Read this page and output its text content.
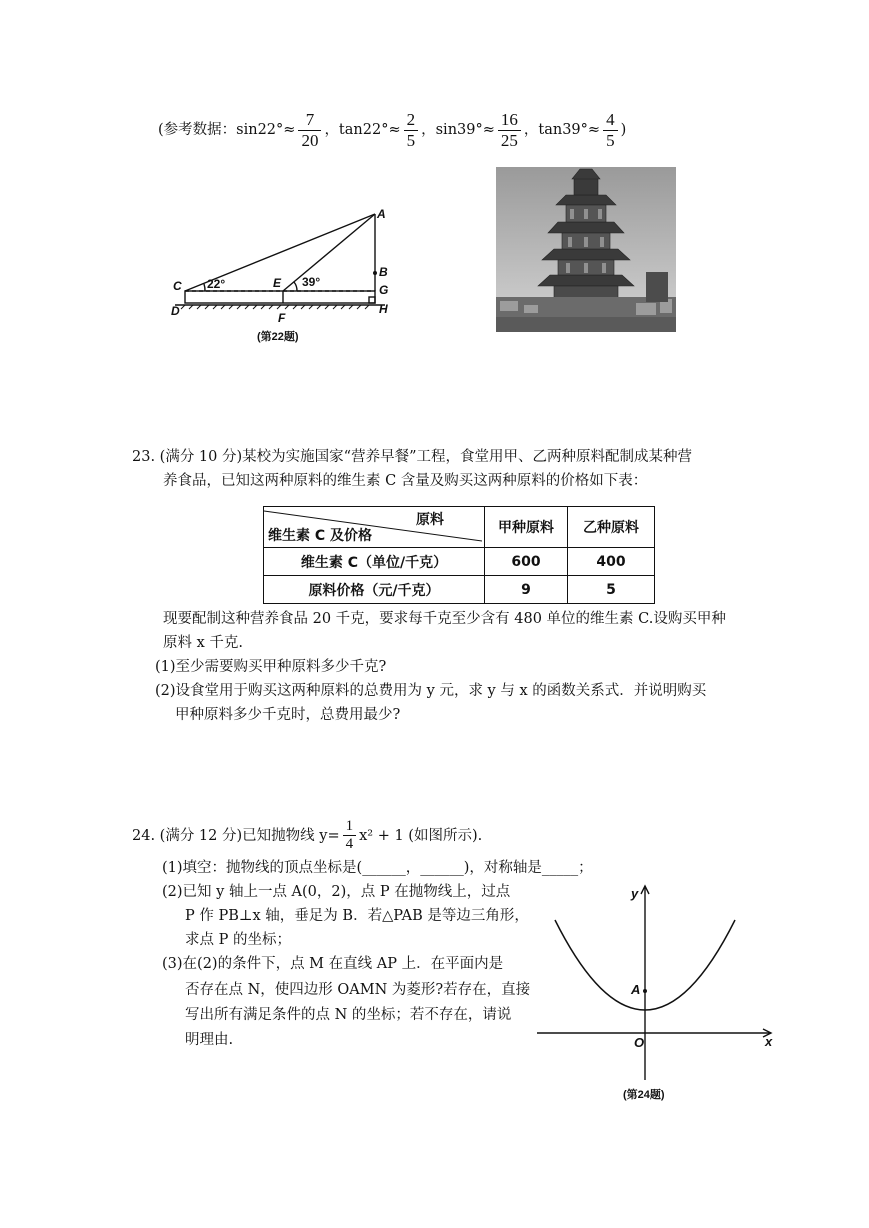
(参考数据：$\sin 22^\circ\approx \frac{7}{20}$ ，$\tan 22^\circ\approx \frac{2}{5}$ ，$\sin 39^\circ\approx \frac{16}{25}$ ，$\tan 39^\circ\approx \frac{4}{5}$ )
A
B
G
H
C
D
E
F
22°	39°
(第22题)
23. (满分 10 分)某校为实施国家“营养早餐”工程，食堂用甲、乙两种原料配制成某种营
养食品，已知这两种原料的维生素 C 含量及购买这两种原料的价格如下表：
原料
维生素 C 及价格	甲种原料	乙种原料
维生素 C（单位/千克）	600	400
原料价格（元/千克）	9	5
现要配制这种营养食品 20 千克，要求每千克至少含有 480 单位的维生素 C.设购买甲种
原料 x 千克.
(1)至少需要购买甲种原料多少千克?
(2)设食堂用于购买这两种原料的总费用为 y 元，求 y 与 x 的函数关系式．并说明购买
甲种原料多少千克时，总费用最少?
24. (满分 12 分)已知抛物线 $y= \frac{1}{4} x^2 + 1$ (如图所示).
(1)填空：抛物线的顶点坐标是(______，______)，对称轴是_____；
(2)已知 y 轴上一点 A(0，2)，点 P 在抛物线上，过点
P 作 PB⊥x 轴，垂足为 B．若△PAB 是等边三角形，
求点 P 的坐标；
(3)在(2)的条件下，点 M 在直线 AP 上．在平面内是
否存在点 N，使四边形 OAMN 为菱形?若存在，直接
写出所有满足条件的点 N 的坐标；若不存在，请说
明理由.
y
x
A
O
(第24题)
